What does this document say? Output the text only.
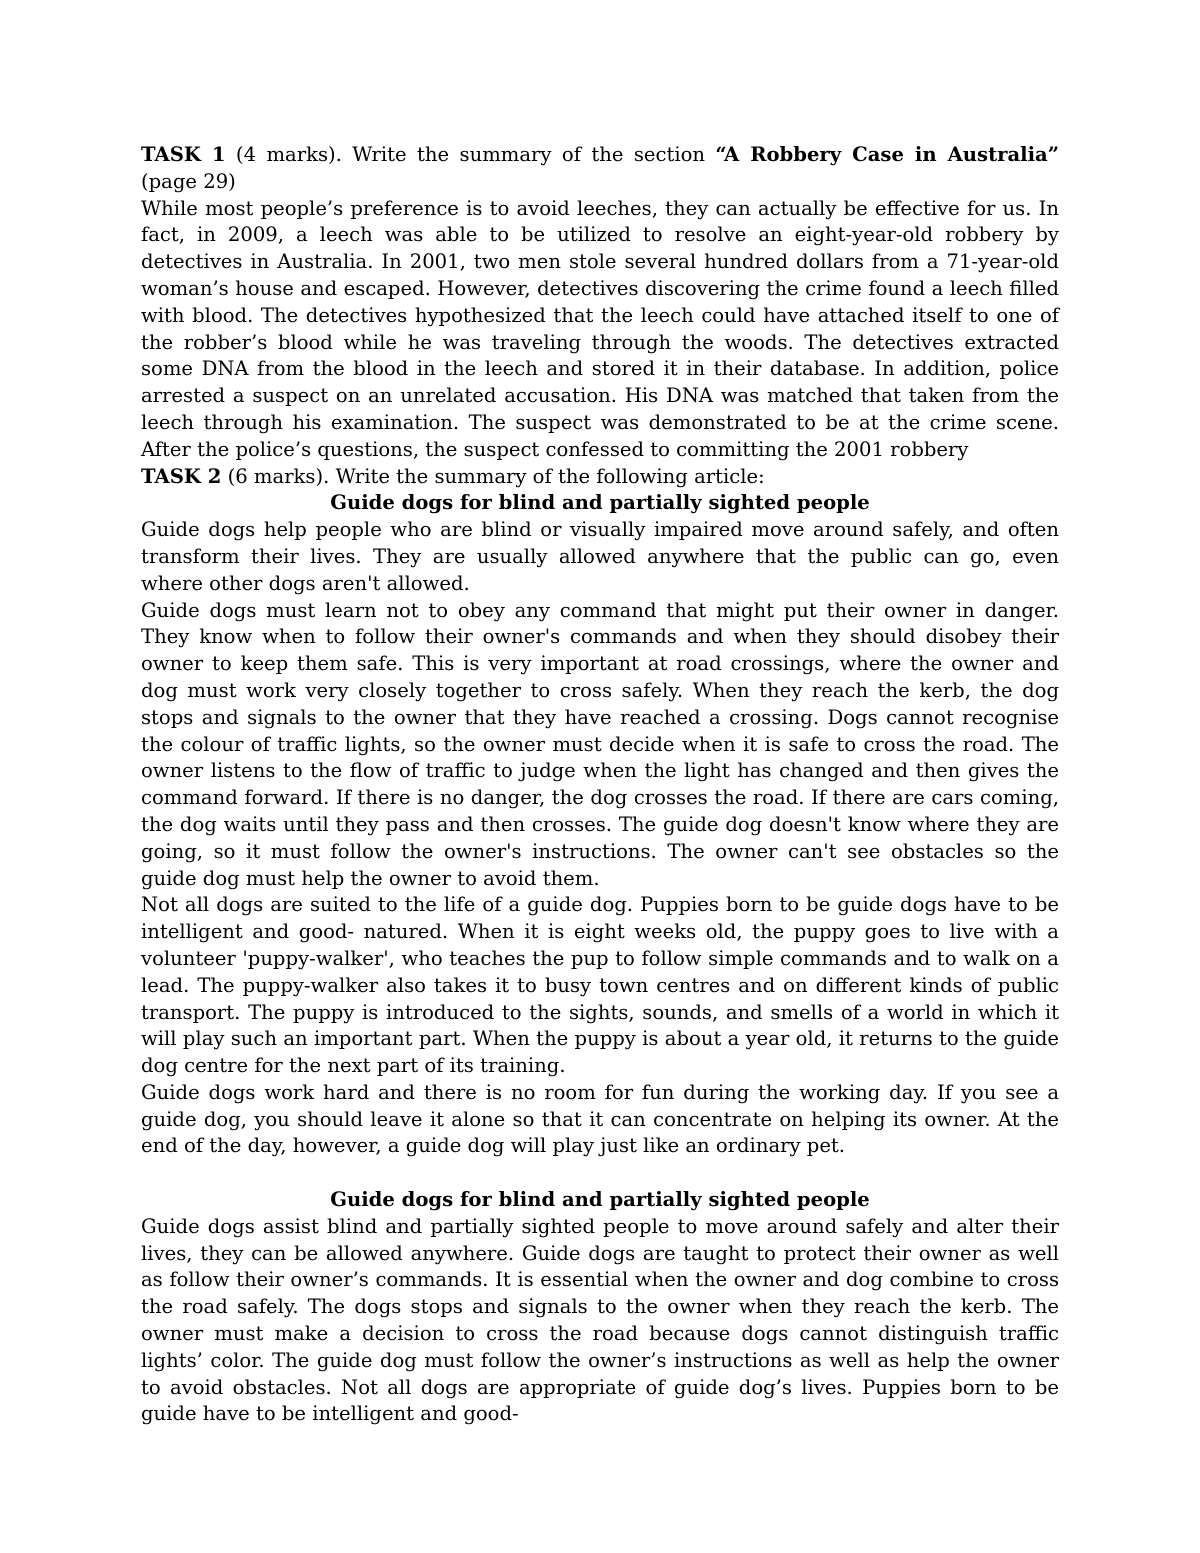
TASK 1 (4 marks). Write the summary of the section “A Robbery Case in Australia” (page 29)

While most people’s preference is to avoid leeches, they can actually be effective for us. In fact, in 2009, a leech was able to be utilized to resolve an eight-year-old robbery by detectives in Australia. In 2001, two men stole several hundred dollars from a 71-year-old woman’s house and escaped. However, detectives discovering the crime found a leech filled with blood. The detectives hypothesized that the leech could have attached itself to one of the robber’s blood while he was traveling through the woods. The detectives extracted some DNA from the blood in the leech and stored it in their database. In addition, police arrested a suspect on an unrelated accusation. His DNA was matched that taken from the leech through his examination. The suspect was demonstrated to be at the crime scene. After the police’s questions, the suspect confessed to committing the 2001 robbery

TASK 2 (6 marks). Write the summary of the following article:

Guide dogs for blind and partially sighted people

Guide dogs help people who are blind or visually impaired move around safely, and often transform their lives. They are usually allowed anywhere that the public can go, even where other dogs aren't allowed.

Guide dogs must learn not to obey any command that might put their owner in danger. They know when to follow their owner's commands and when they should disobey their owner to keep them safe. This is very important at road crossings, where the owner and dog must work very closely together to cross safely. When they reach the kerb, the dog stops and signals to the owner that they have reached a crossing. Dogs cannot recognise the colour of traffic lights, so the owner must decide when it is safe to cross the road. The owner listens to the flow of traffic to judge when the light has changed and then gives the command forward. If there is no danger, the dog crosses the road. If there are cars coming, the dog waits until they pass and then crosses. The guide dog doesn't know where they are going, so it must follow the owner's instructions. The owner can't see obstacles so the guide dog must help the owner to avoid them.

Not all dogs are suited to the life of a guide dog. Puppies born to be guide dogs have to be intelligent and good- natured. When it is eight weeks old, the puppy goes to live with a volunteer 'puppy-walker', who teaches the pup to follow simple commands and to walk on a lead. The puppy-walker also takes it to busy town centres and on different kinds of public transport. The puppy is introduced to the sights, sounds, and smells of a world in which it will play such an important part. When the puppy is about a year old, it returns to the guide dog centre for the next part of its training.

Guide dogs work hard and there is no room for fun during the working day. If you see a guide dog, you should leave it alone so that it can concentrate on helping its owner. At the end of the day, however, a guide dog will play just like an ordinary pet.

Guide dogs for blind and partially sighted people

Guide dogs assist blind and partially sighted people to move around safely and alter their lives, they can be allowed anywhere. Guide dogs are taught to protect their owner as well as follow their owner’s commands. It is essential when the owner and dog combine to cross the road safely. The dogs stops and signals to the owner when they reach the kerb. The owner must make a decision to cross the road because dogs cannot distinguish traffic lights’ color. The guide dog must follow the owner’s instructions as well as help the owner to avoid obstacles. Not all dogs are appropriate of guide dog’s lives. Puppies born to be guide have to be intelligent and good-
